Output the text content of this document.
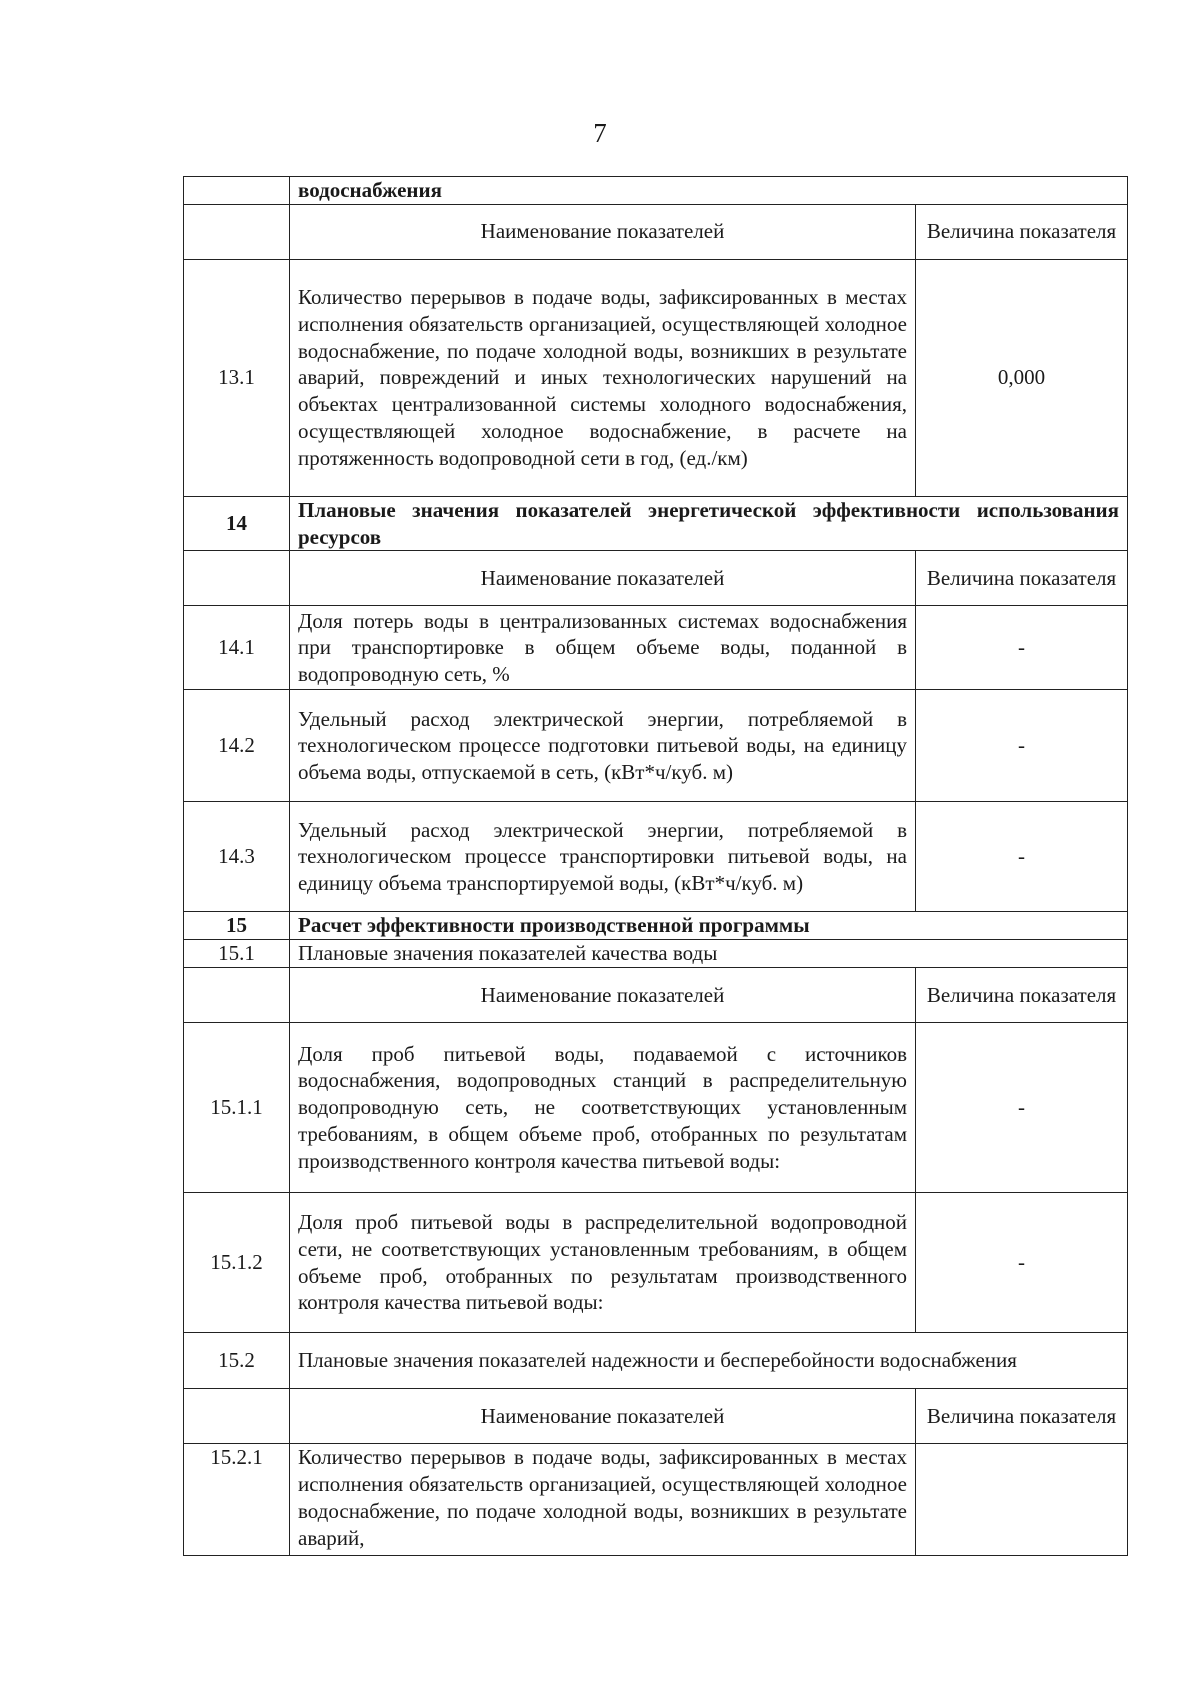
7
	водоснабжения	
	Наименование показателей	Величина показателя
13.1	Количество перерывов в подаче воды, зафиксированных в местах исполнения обязательств организацией, осуществляющей холодное водоснабжение, по подаче холодной воды, возникших в результате аварий, повреждений и иных технологических нарушений на объектах централизованной системы холодного водоснабжения, осуществляющей холодное водоснабжение, в расчете на протяженность водопроводной сети в год, (ед./км)	0,000
14	Плановые значения показателей энергетической эффективности использования ресурсов	
	Наименование показателей	Величина показателя
14.1	Доля потерь воды в централизованных системах водоснабжения при транспортировке в общем объеме воды, поданной в водопроводную сеть, %	-
14.2	Удельный расход электрической энергии, потребляемой в технологическом процессе подготовки питьевой воды, на единицу объема воды, отпускаемой в сеть, (кВт*ч/куб. м)	-
14.3	Удельный расход электрической энергии, потребляемой в технологическом процессе транспортировки питьевой воды, на единицу объема транспортируемой воды, (кВт*ч/куб. м)	-
15	Расчет эффективности производственной программы	
15.1	Плановые значения показателей качества воды	
	Наименование показателей	Величина показателя
15.1.1	Доля проб питьевой воды, подаваемой с источников водоснабжения, водопроводных станций в распределительную водопроводную сеть, не соответствующих установленным требованиям, в общем объеме проб, отобранных по результатам производственного контроля качества питьевой воды:	-
15.1.2	Доля проб питьевой воды в распределительной водопроводной сети, не соответствующих установленным требованиям, в общем объеме проб, отобранных по результатам производственного контроля качества питьевой воды:	-
15.2	Плановые значения показателей надежности и бесперебойности водоснабжения	
	Наименование показателей	Величина показателя
15.2.1	Количество перерывов в подаче воды, зафиксированных в местах исполнения обязательств организацией, осуществляющей холодное водоснабжение, по подаче холодной воды, возникших в результате аварий,	
